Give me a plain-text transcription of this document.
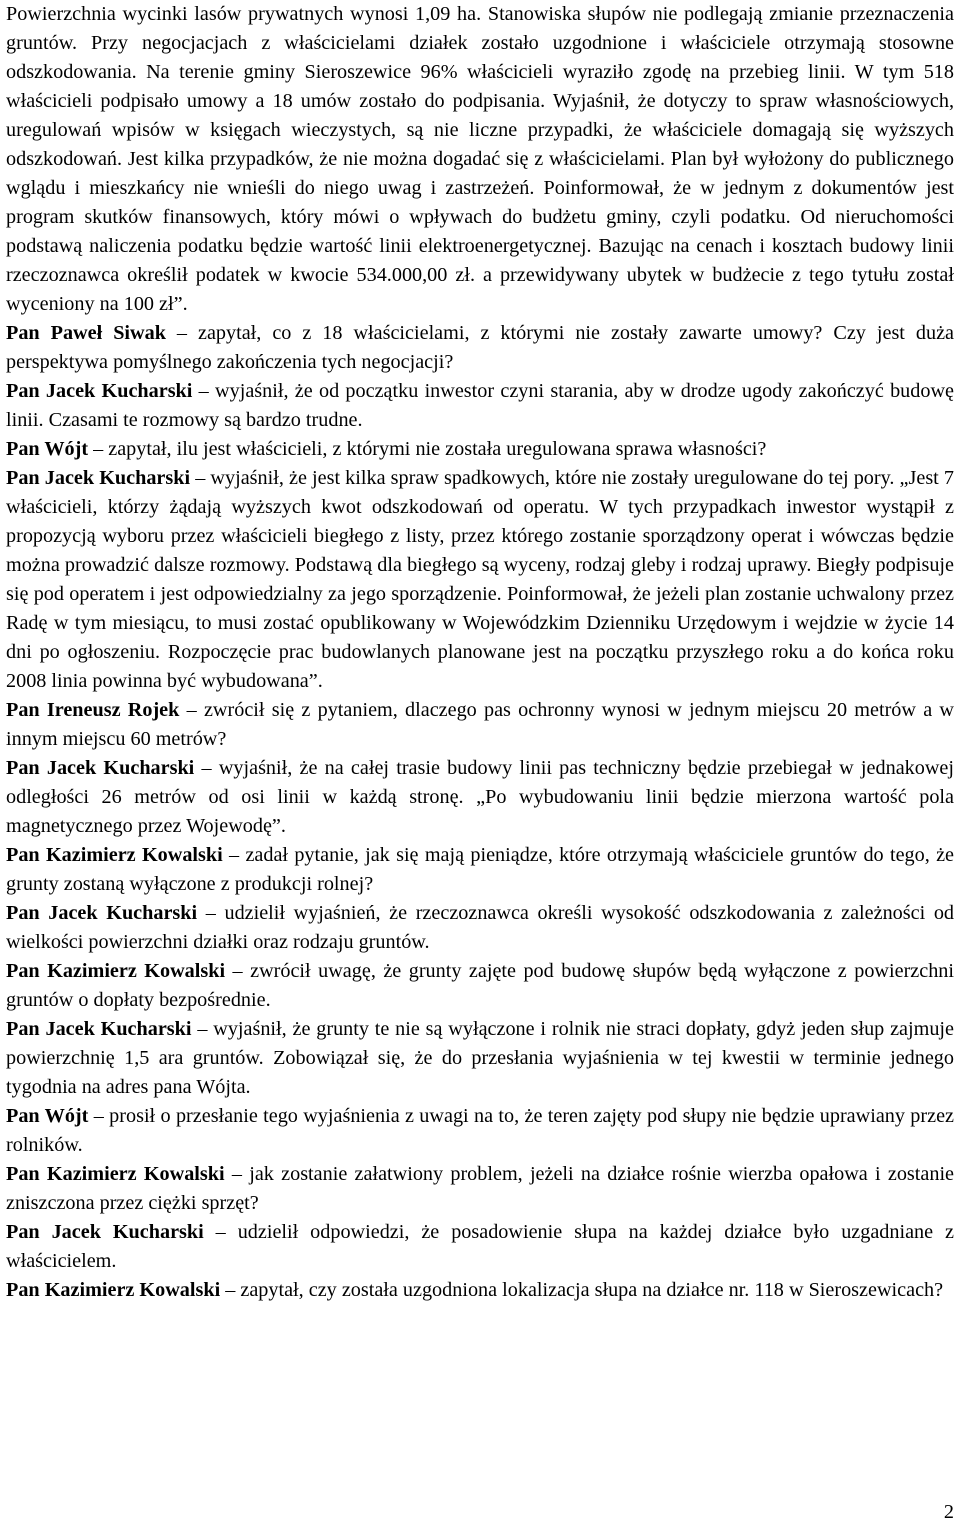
Powierzchnia wycinki lasów prywatnych wynosi 1,09 ha. Stanowiska słupów nie podlegają zmianie przeznaczenia gruntów. Przy negocjacjach z właścicielami działek zostało uzgodnione i właściciele otrzymają stosowne odszkodowania. Na terenie gminy Sieroszewice 96% właścicieli wyraziło zgodę na przebieg linii. W tym 518 właścicieli podpisało umowy a 18 umów zostało do podpisania. Wyjaśnił, że dotyczy to spraw własnościowych, uregulowań wpisów w księgach wieczystych, są nie liczne przypadki, że właściciele domagają się wyższych odszkodowań. Jest kilka przypadków, że nie można dogadać się z właścicielami. Plan był wyłożony do publicznego wglądu i mieszkańcy nie wnieśli do niego uwag i zastrzeżeń. Poinformował, że w jednym z dokumentów jest program skutków finansowych, który mówi o wpływach do budżetu gminy, czyli podatku. Od nieruchomości podstawą naliczenia podatku będzie wartość linii elektroenergetycznej. Bazując na cenach i kosztach budowy linii rzeczoznawca określił podatek w kwocie 534.000,00 zł. a przewidywany ubytek w budżecie z tego tytułu został wyceniony na 100 zł”.

Pan Paweł Siwak – zapytał, co z 18 właścicielami, z którymi nie zostały zawarte umowy? Czy jest duża perspektywa pomyślnego zakończenia tych negocjacji?

Pan Jacek Kucharski – wyjaśnił, że od początku inwestor czyni starania, aby w drodze ugody zakończyć budowę linii. Czasami te rozmowy są bardzo trudne.

Pan Wójt – zapytał, ilu jest właścicieli, z którymi nie została uregulowana sprawa własności?

Pan Jacek Kucharski – wyjaśnił, że jest kilka spraw spadkowych, które nie zostały uregulowane do tej pory. „Jest 7 właścicieli, którzy żądają wyższych kwot odszkodowań od operatu. W tych przypadkach inwestor wystąpił z propozycją wyboru przez właścicieli biegłego z listy, przez którego zostanie sporządzony operat i wówczas będzie można prowadzić dalsze rozmowy. Podstawą dla biegłego są wyceny, rodzaj gleby i rodzaj uprawy. Biegły podpisuje się pod operatem i jest odpowiedzialny za jego sporządzenie. Poinformował, że jeżeli plan zostanie uchwalony przez Radę w tym miesiącu, to musi zostać opublikowany w Wojewódzkim Dzienniku Urzędowym i wejdzie w życie 14 dni po ogłoszeniu. Rozpoczęcie prac budowlanych planowane jest na początku przyszłego roku a do końca roku 2008 linia powinna być wybudowana”.

Pan Ireneusz Rojek – zwrócił się z pytaniem, dlaczego pas ochronny wynosi w jednym miejscu 20 metrów a w innym miejscu 60 metrów?

Pan Jacek Kucharski – wyjaśnił, że na całej trasie budowy linii pas techniczny będzie przebiegał w jednakowej odległości 26 metrów od osi linii w każdą stronę. „Po wybudowaniu linii będzie mierzona wartość pola magnetycznego przez Wojewodę”.

Pan Kazimierz Kowalski – zadał pytanie, jak się mają pieniądze, które otrzymają właściciele gruntów do tego, że grunty zostaną wyłączone z produkcji rolnej?

Pan Jacek Kucharski – udzielił wyjaśnień, że rzeczoznawca określi wysokość odszkodowania z zależności od wielkości powierzchni działki oraz rodzaju gruntów.

Pan Kazimierz Kowalski – zwrócił uwagę, że grunty zajęte pod budowę słupów będą wyłączone z powierzchni gruntów o dopłaty bezpośrednie.

Pan Jacek Kucharski – wyjaśnił, że grunty te nie są wyłączone i rolnik nie straci dopłaty, gdyż jeden słup zajmuje powierzchnię 1,5 ara gruntów. Zobowiązał się, że do przesłania wyjaśnienia w tej kwestii w terminie jednego tygodnia na adres pana Wójta.

Pan Wójt – prosił o przesłanie tego wyjaśnienia z uwagi na to, że teren zajęty pod słupy nie będzie uprawiany przez rolników.

Pan Kazimierz Kowalski – jak zostanie załatwiony problem, jeżeli na działce rośnie wierzba opałowa i zostanie zniszczona przez ciężki sprzęt?

Pan Jacek Kucharski – udzielił odpowiedzi, że posadowienie słupa na każdej działce było uzgadniane z właścicielem.

Pan Kazimierz Kowalski – zapytał, czy została uzgodniona lokalizacja słupa na działce nr. 118 w Sieroszewicach?

2
